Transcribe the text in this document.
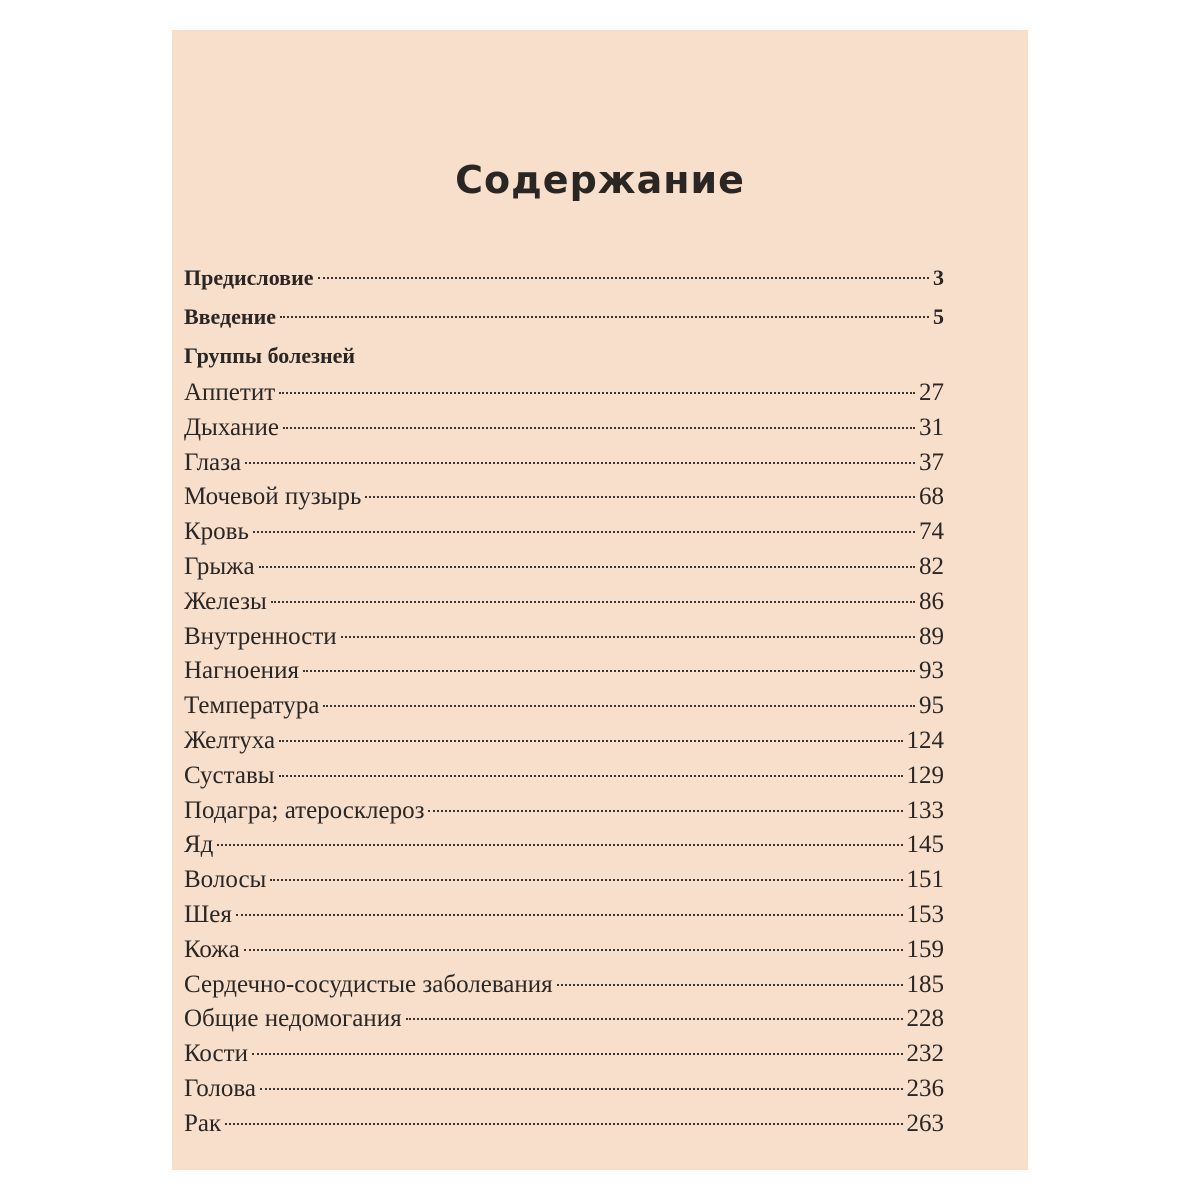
Содержание
Предисловие	3
Введение	5
Группы болезней
Аппетит	27
Дыхание	31
Глаза	37
Мочевой пузырь	68
Кровь	74
Грыжа	82
Железы	86
Внутренности	89
Нагноения	93
Температура	95
Желтуха	124
Суставы	129
Подагра; атеросклероз	133
Яд	145
Волосы	151
Шея	153
Кожа	159
Сердечно-сосудистые заболевания	185
Общие недомогания	228
Кости	232
Голова	236
Рак	263
